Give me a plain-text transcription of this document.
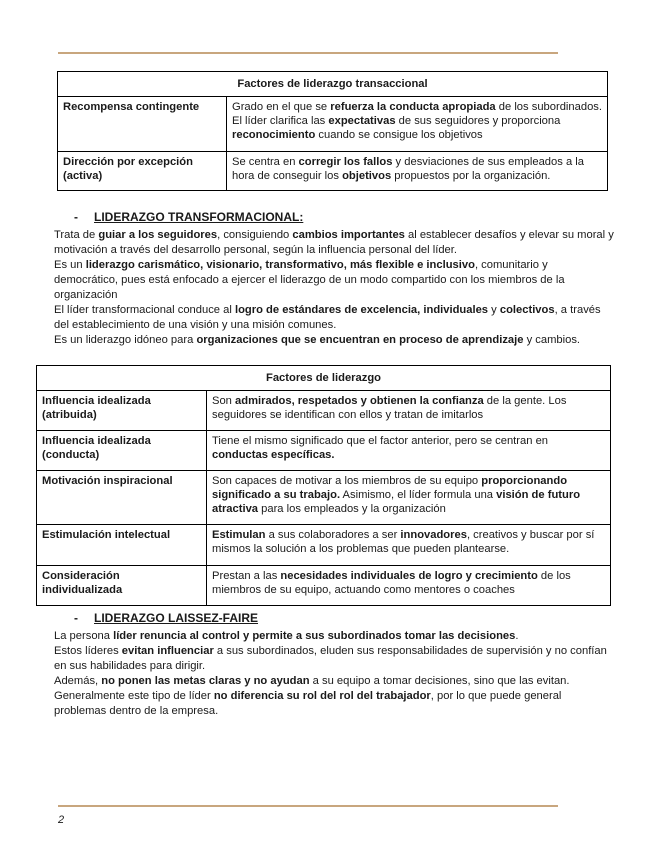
Factores de liderazgo transaccional	
Recompensa contingente	Grado en el que se refuerza la conducta apropiada de los subordinados. El líder clarifica las expectativas de sus seguidores y proporciona reconocimiento cuando se consigue los objetivos
Dirección por excepción (activa)	Se centra en corregir los fallos y desviaciones de sus empleados a la hora de conseguir los objetivos propuestos por la organización.
- LIDERAZGO TRANSFORMACIONAL:

Trata de guiar a los seguidores, consiguiendo cambios importantes al establecer desafíos y elevar su moral y motivación a través del desarrollo personal, según la influencia personal del líder.

Es un liderazgo carismático, visionario, transformativo, más flexible e inclusivo, comunitario y democrático, pues está enfocado a ejercer el liderazgo de un modo compartido con los miembros de la organización

El líder transformacional conduce al logro de estándares de excelencia, individuales y colectivos, a través del establecimiento de una visión y una misión comunes.

Es un liderazgo idóneo para organizaciones que se encuentran en proceso de aprendizaje y cambios.

Factores de liderazgo	
Influencia idealizada (atribuida)	Son admirados, respetados y obtienen la confianza de la gente. Los seguidores se identifican con ellos y tratan de imitarlos
Influencia idealizada (conducta)	Tiene el mismo significado que el factor anterior, pero se centran en conductas específicas.
Motivación inspiracional	Son capaces de motivar a los miembros de su equipo proporcionando significado a su trabajo. Asimismo, el líder formula una visión de futuro atractiva para los empleados y la organización
Estimulación intelectual	Estimulan a sus colaboradores a ser innovadores, creativos y buscar por sí mismos la solución a los problemas que pueden plantearse.
Consideración individualizada	Prestan a las necesidades individuales de logro y crecimiento de los miembros de su equipo, actuando como mentores o coaches
- LIDERAZGO LAISSEZ-FAIRE

La persona líder renuncia al control y permite a sus subordinados tomar las decisiones.

Estos líderes evitan influenciar a sus subordinados, eluden sus responsabilidades de supervisión y no confían en sus habilidades para dirigir.

Además, no ponen las metas claras y no ayudan a su equipo a tomar decisiones, sino que las evitan.

Generalmente este tipo de líder no diferencia su rol del rol del trabajador, por lo que puede general problemas dentro de la empresa.

2
